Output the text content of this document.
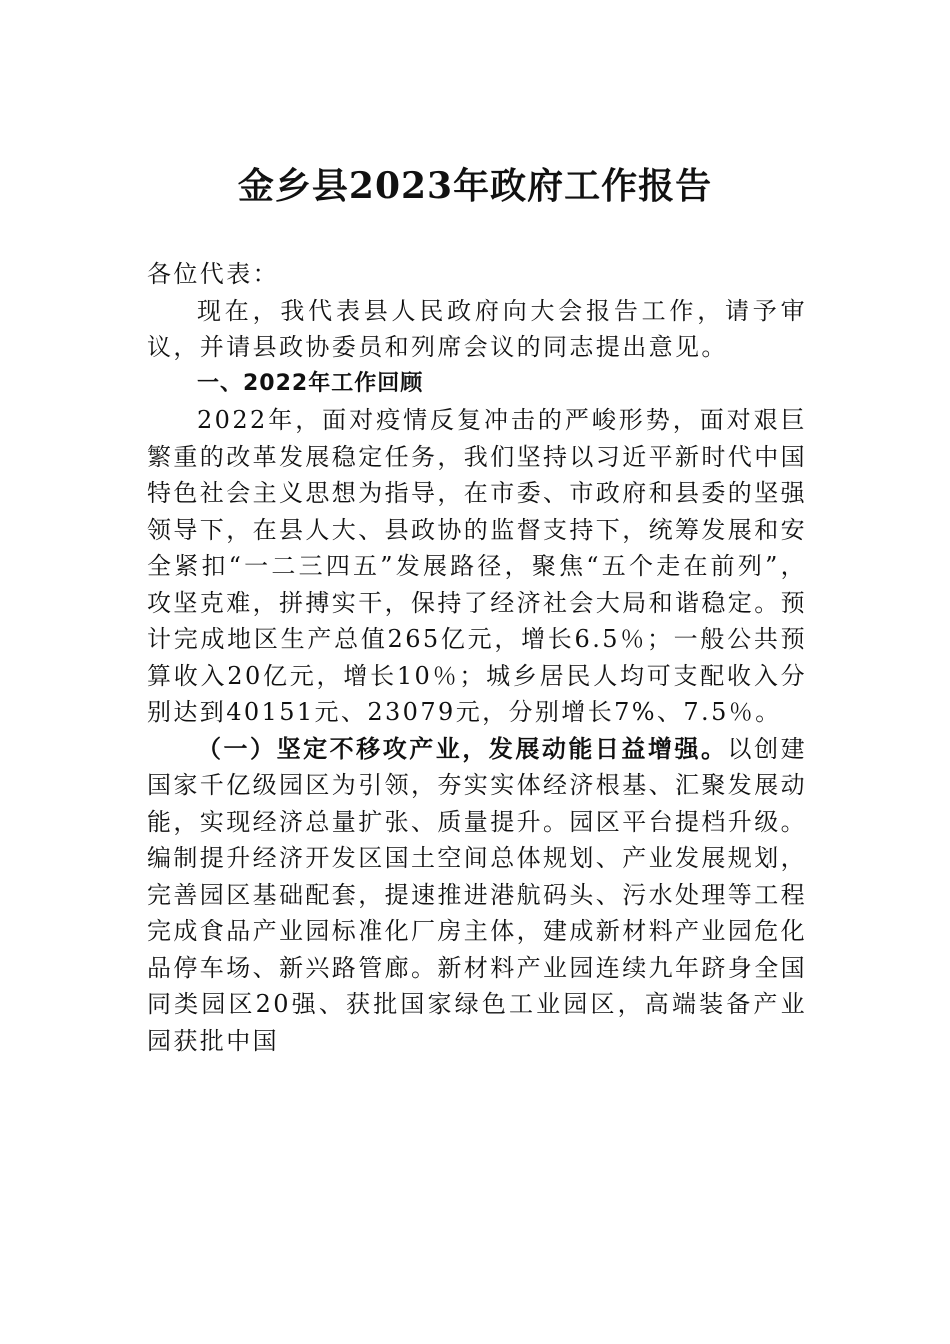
金乡县2023年政府工作报告

各位代表：

现在，我代表县人民政府向大会报告工作，请予审议，并请县政协委员和列席会议的同志提出意见。

一、2022年工作回顾

2022年，面对疫情反复冲击的严峻形势，面对艰巨繁重的改革发展稳定任务，我们坚持以习近平新时代中国特色社会主义思想为指导，在市委、市政府和县委的坚强领导下，在县人大、县政协的监督支持下，统筹发展和安全紧扣“一二三四五”发展路径，聚焦“五个走在前列”，攻坚克难，拼搏实干，保持了经济社会大局和谐稳定。预计完成地区生产总值265亿元，增长6.5％；一般公共预算收入20亿元，增长10％；城乡居民人均可支配收入分别达到40151元、23079元，分别增长7%、7.5％。

（一）坚定不移攻产业，发展动能日益增强。以创建国家千亿级园区为引领，夯实实体经济根基、汇聚发展动能，实现经济总量扩张、质量提升。园区平台提档升级。编制提升经济开发区国土空间总体规划、产业发展规划，完善园区基础配套，提速推进港航码头、污水处理等工程完成食品产业园标准化厂房主体，建成新材料产业园危化品停车场、新兴路管廊。新材料产业园连续九年跻身全国同类园区20强、获批国家绿色工业园区，高端装备产业园获批中国
